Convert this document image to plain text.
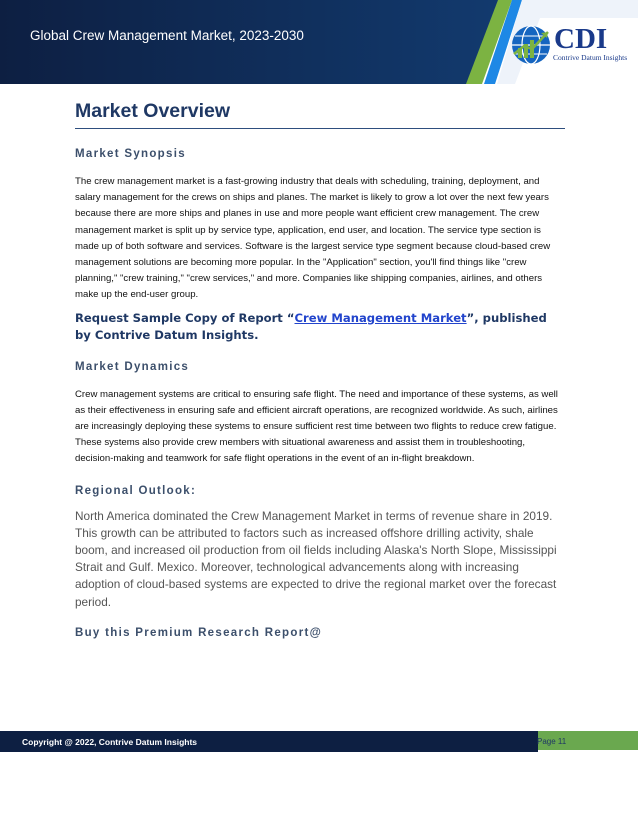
Global Crew Management Market, 2023-2030	CDI
Contrive Datum Insights
Market Overview
Market Synopsis

The crew management market is a fast-growing industry that deals with scheduling, training, deployment, and salary management for the crews on ships and planes. The market is likely to grow a lot over the next few years because there are more ships and planes in use and more people want efficient crew management. The crew management market is split up by service type, application, end user, and location. The service type section is made up of both software and services. Software is the largest service type segment because cloud-based crew management solutions are becoming more popular. In the "Application" section, you'll find things like "crew planning," "crew training," "crew services," and more. Companies like shipping companies, airlines, and others make up the end-user group.

Request Sample Copy of Report “Crew Management Market”, published by Contrive Datum Insights.

Market Dynamics

Crew management systems are critical to ensuring safe flight. The need and importance of these systems, as well as their effectiveness in ensuring safe and efficient aircraft operations, are recognized worldwide. As such, airlines are increasingly deploying these systems to ensure sufficient rest time between two flights to reduce crew fatigue. These systems also provide crew members with situational awareness and assist them in troubleshooting, decision-making and teamwork for safe flight operations in the event of an in-flight breakdown.

Regional Outlook:

North America dominated the Crew Management Market in terms of revenue share in 2019. This growth can be attributed to factors such as increased offshore drilling activity, shale boom, and increased oil production from oil fields including Alaska's North Slope, Mississippi Strait and Gulf. Mexico. Moreover, technological advancements along with increasing adoption of cloud-based systems are expected to drive the regional market over the forecast period.

Buy this Premium Research Report@
Copyright @ 2022, Contrive Datum Insights	Page 11
